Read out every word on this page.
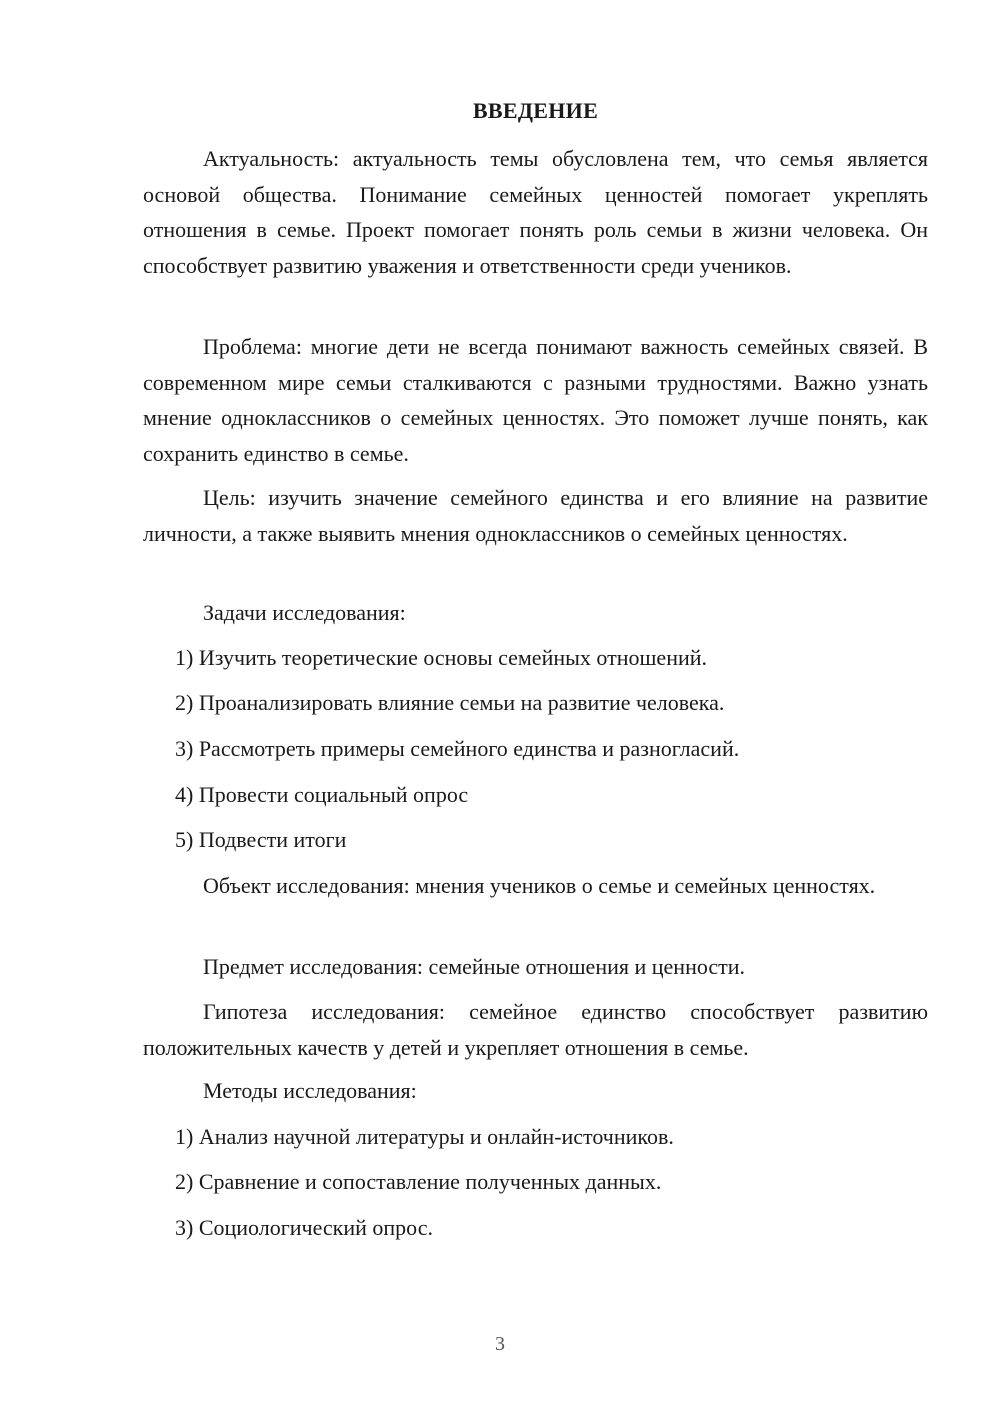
ВВЕДЕНИЕ

Актуальность: актуальность темы обусловлена тем, что семья является основой общества. Понимание семейных ценностей помогает укреплять отношения в семье. Проект помогает понять роль семьи в жизни человека. Он способствует развитию уважения и ответственности среди учеников.

Проблема: многие дети не всегда понимают важность семейных связей. В современном мире семьи сталкиваются с разными трудностями. Важно узнать мнение одноклассников о семейных ценностях. Это поможет лучше понять, как сохранить единство в семье.

Цель: изучить значение семейного единства и его влияние на развитие личности, а также выявить мнения одноклассников о семейных ценностях.

Задачи исследования:
1) Изучить теоретические основы семейных отношений.
2) Проанализировать влияние семьи на развитие человека.
3) Рассмотреть примеры семейного единства и разногласий.
4) Провести социальный опрос
5) Подвести итоги

Объект исследования: мнения учеников о семье и семейных ценностях.

Предмет исследования: семейные отношения и ценности.

Гипотеза исследования: семейное единство способствует развитию положительных качеств у детей и укрепляет отношения в семье.

Методы исследования:
1) Анализ научной литературы и онлайн-источников.
2) Сравнение и сопоставление полученных данных.
3) Социологический опрос.
3
